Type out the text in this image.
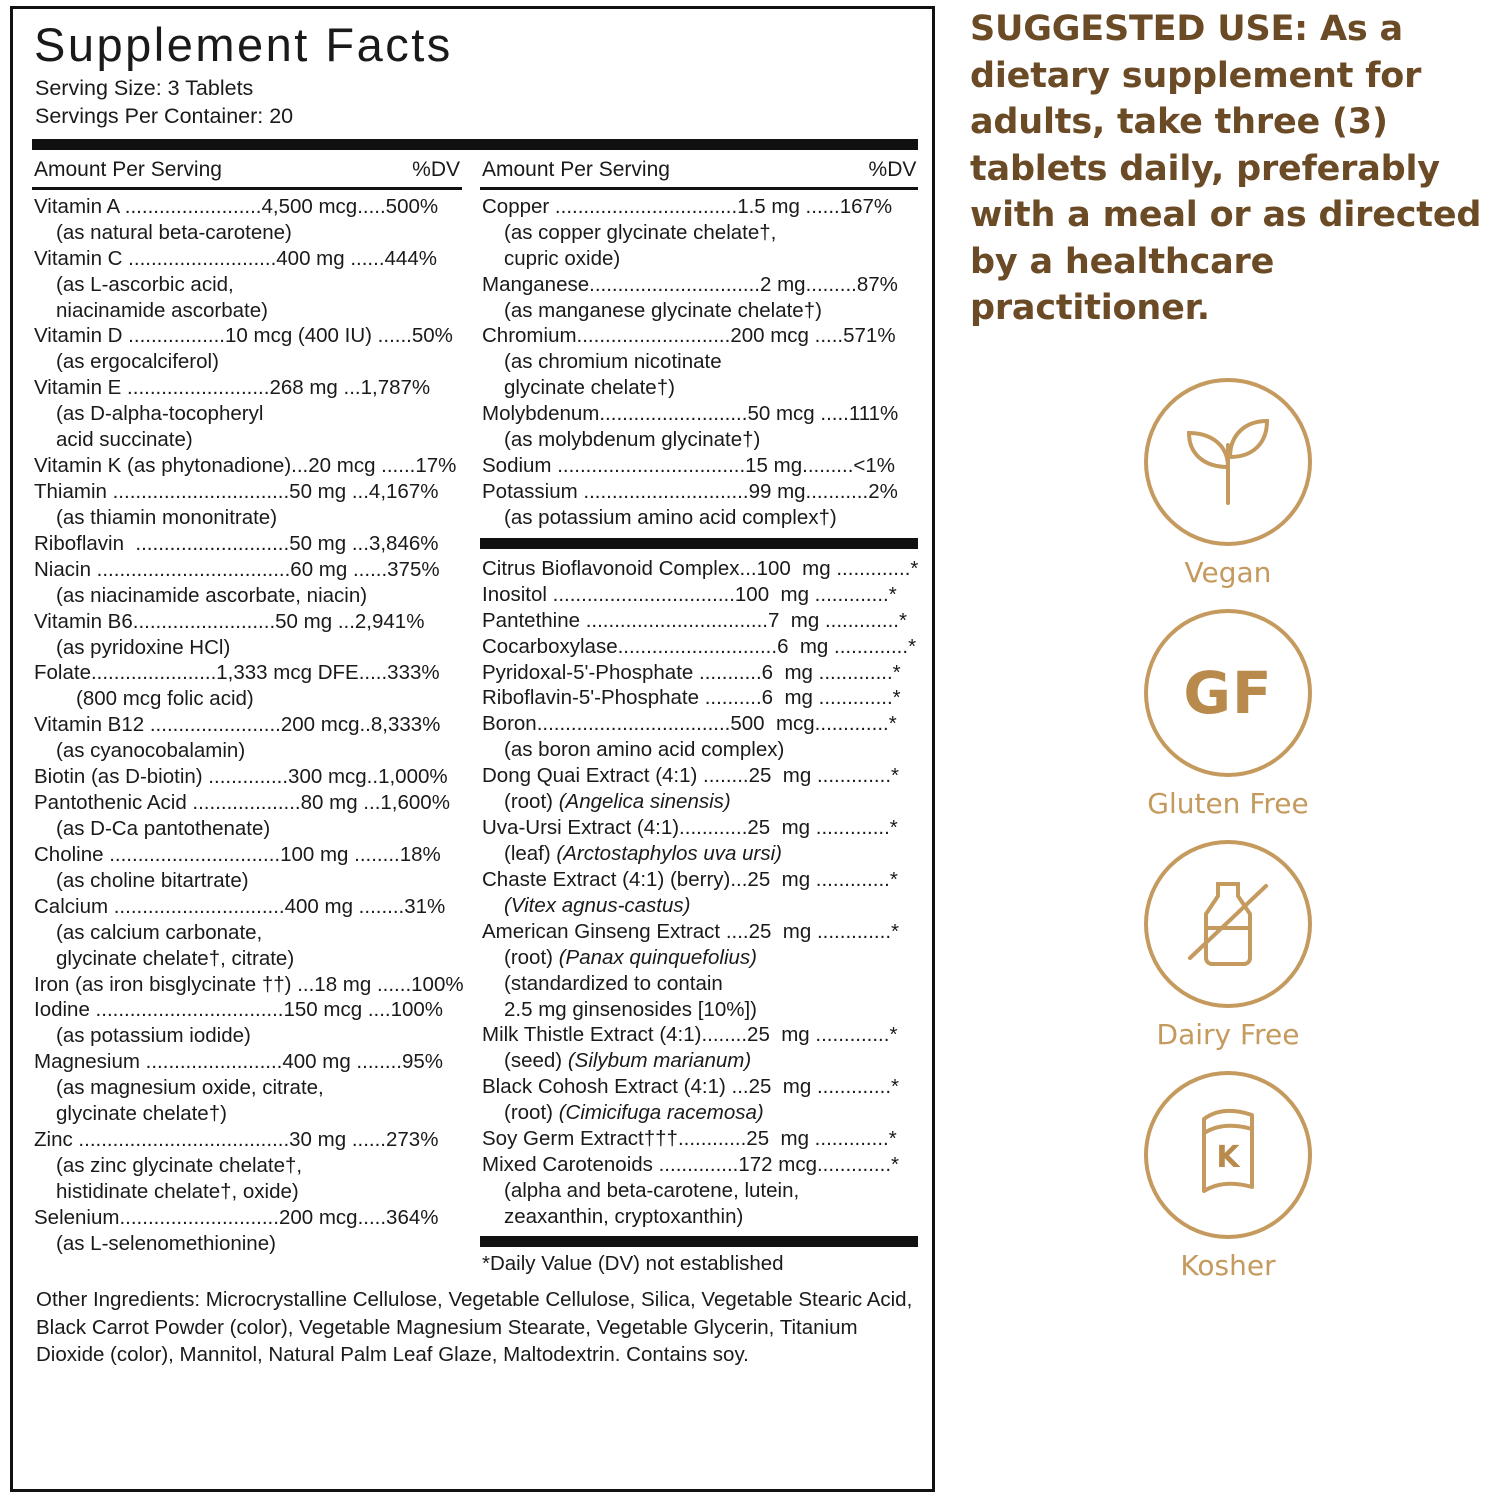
Supplement Facts
Serving Size: 3 Tablets
Servings Per Container: 20
Amount Per Serving	%DV
Vitamin A ........................4,500 mcg.....500%
(as natural beta-carotene)
Vitamin C ..........................400 mg ......444%
(as L-ascorbic acid,
niacinamide ascorbate)
Vitamin D .................10 mcg (400 IU) ......50%
(as ergocalciferol)
Vitamin E .........................268 mg ...1,787%
(as D-alpha-tocopheryl
acid succinate)
Vitamin K (as phytonadione)...20 mcg ......17%
Thiamin ...............................50 mg ...4,167%
(as thiamin mononitrate)
Riboflavin  ...........................50 mg ...3,846%
Niacin ..................................60 mg ......375%
(as niacinamide ascorbate, niacin)
Vitamin B6.........................50 mg ...2,941%
(as pyridoxine HCl)
Folate......................1,333 mcg DFE.....333%
(800 mcg folic acid)
Vitamin B12 .......................200 mcg..8,333%
(as cyanocobalamin)
Biotin (as D-biotin) ..............300 mcg..1,000%
Pantothenic Acid ...................80 mg ...1,600%
(as D-Ca pantothenate)
Choline ..............................100 mg ........18%
(as choline bitartrate)
Calcium ..............................400 mg ........31%
(as calcium carbonate,
glycinate chelate†, citrate)
Iron (as iron bisglycinate ††) ...18 mg ......100%
Iodine .................................150 mcg ....100%
(as potassium iodide)
Magnesium ........................400 mg ........95%
(as magnesium oxide, citrate,
glycinate chelate†)
Zinc .....................................30 mg ......273%
(as zinc glycinate chelate†,
histidinate chelate†, oxide)
Selenium............................200 mcg.....364%
(as L-selenomethionine)
Amount Per Serving	%DV
Copper ................................1.5 mg ......167%
(as copper glycinate chelate†,
cupric oxide)
Manganese..............................2 mg.........87%
(as manganese glycinate chelate†)
Chromium...........................200 mcg .....571%
(as chromium nicotinate
glycinate chelate†)
Molybdenum..........................50 mcg .....111%
(as molybdenum glycinate†)
Sodium .................................15 mg.........<1%
Potassium .............................99 mg...........2%
(as potassium amino acid complex†)
Citrus Bioflavonoid Complex...100  mg .............*
Inositol ................................100  mg .............*
Pantethine ................................7  mg .............*
Cocarboxylase............................6  mg .............*
Pyridoxal-5'-Phosphate ...........6  mg .............*
Riboflavin-5'-Phosphate ..........6  mg .............*
Boron..................................500  mcg.............*
(as boron amino acid complex)
Dong Quai Extract (4:1) ........25  mg .............*
(root) (Angelica sinensis)
Uva-Ursi Extract (4:1)............25  mg .............*
(leaf) (Arctostaphylos uva ursi)
Chaste Extract (4:1) (berry)...25  mg .............*
(Vitex agnus-castus)
American Ginseng Extract ....25  mg .............*
(root) (Panax quinquefolius)
(standardized to contain
2.5 mg ginsenosides [10%])
Milk Thistle Extract (4:1)........25  mg .............*
(seed) (Silybum marianum)
Black Cohosh Extract (4:1) ...25  mg .............*
(root) (Cimicifuga racemosa)
Soy Germ Extract†††............25  mg .............*
Mixed Carotenoids ..............172 mcg.............*
(alpha and beta-carotene, lutein,
zeaxanthin, cryptoxanthin)
*Daily Value (DV) not established
Other Ingredients: Microcrystalline Cellulose, Vegetable Cellulose, Silica, Vegetable Stearic Acid, Black Carrot Powder (color), Vegetable Magnesium Stearate, Vegetable Glycerin, Titanium Dioxide (color), Mannitol, Natural Palm Leaf Glaze, Maltodextrin. Contains soy.
SUGGESTED USE: As a dietary supplement for adults, take three (3) tablets daily, preferably with a meal or as directed by a healthcare practitioner.
Vegan
GF
Gluten Free
Dairy Free
K
Kosher
